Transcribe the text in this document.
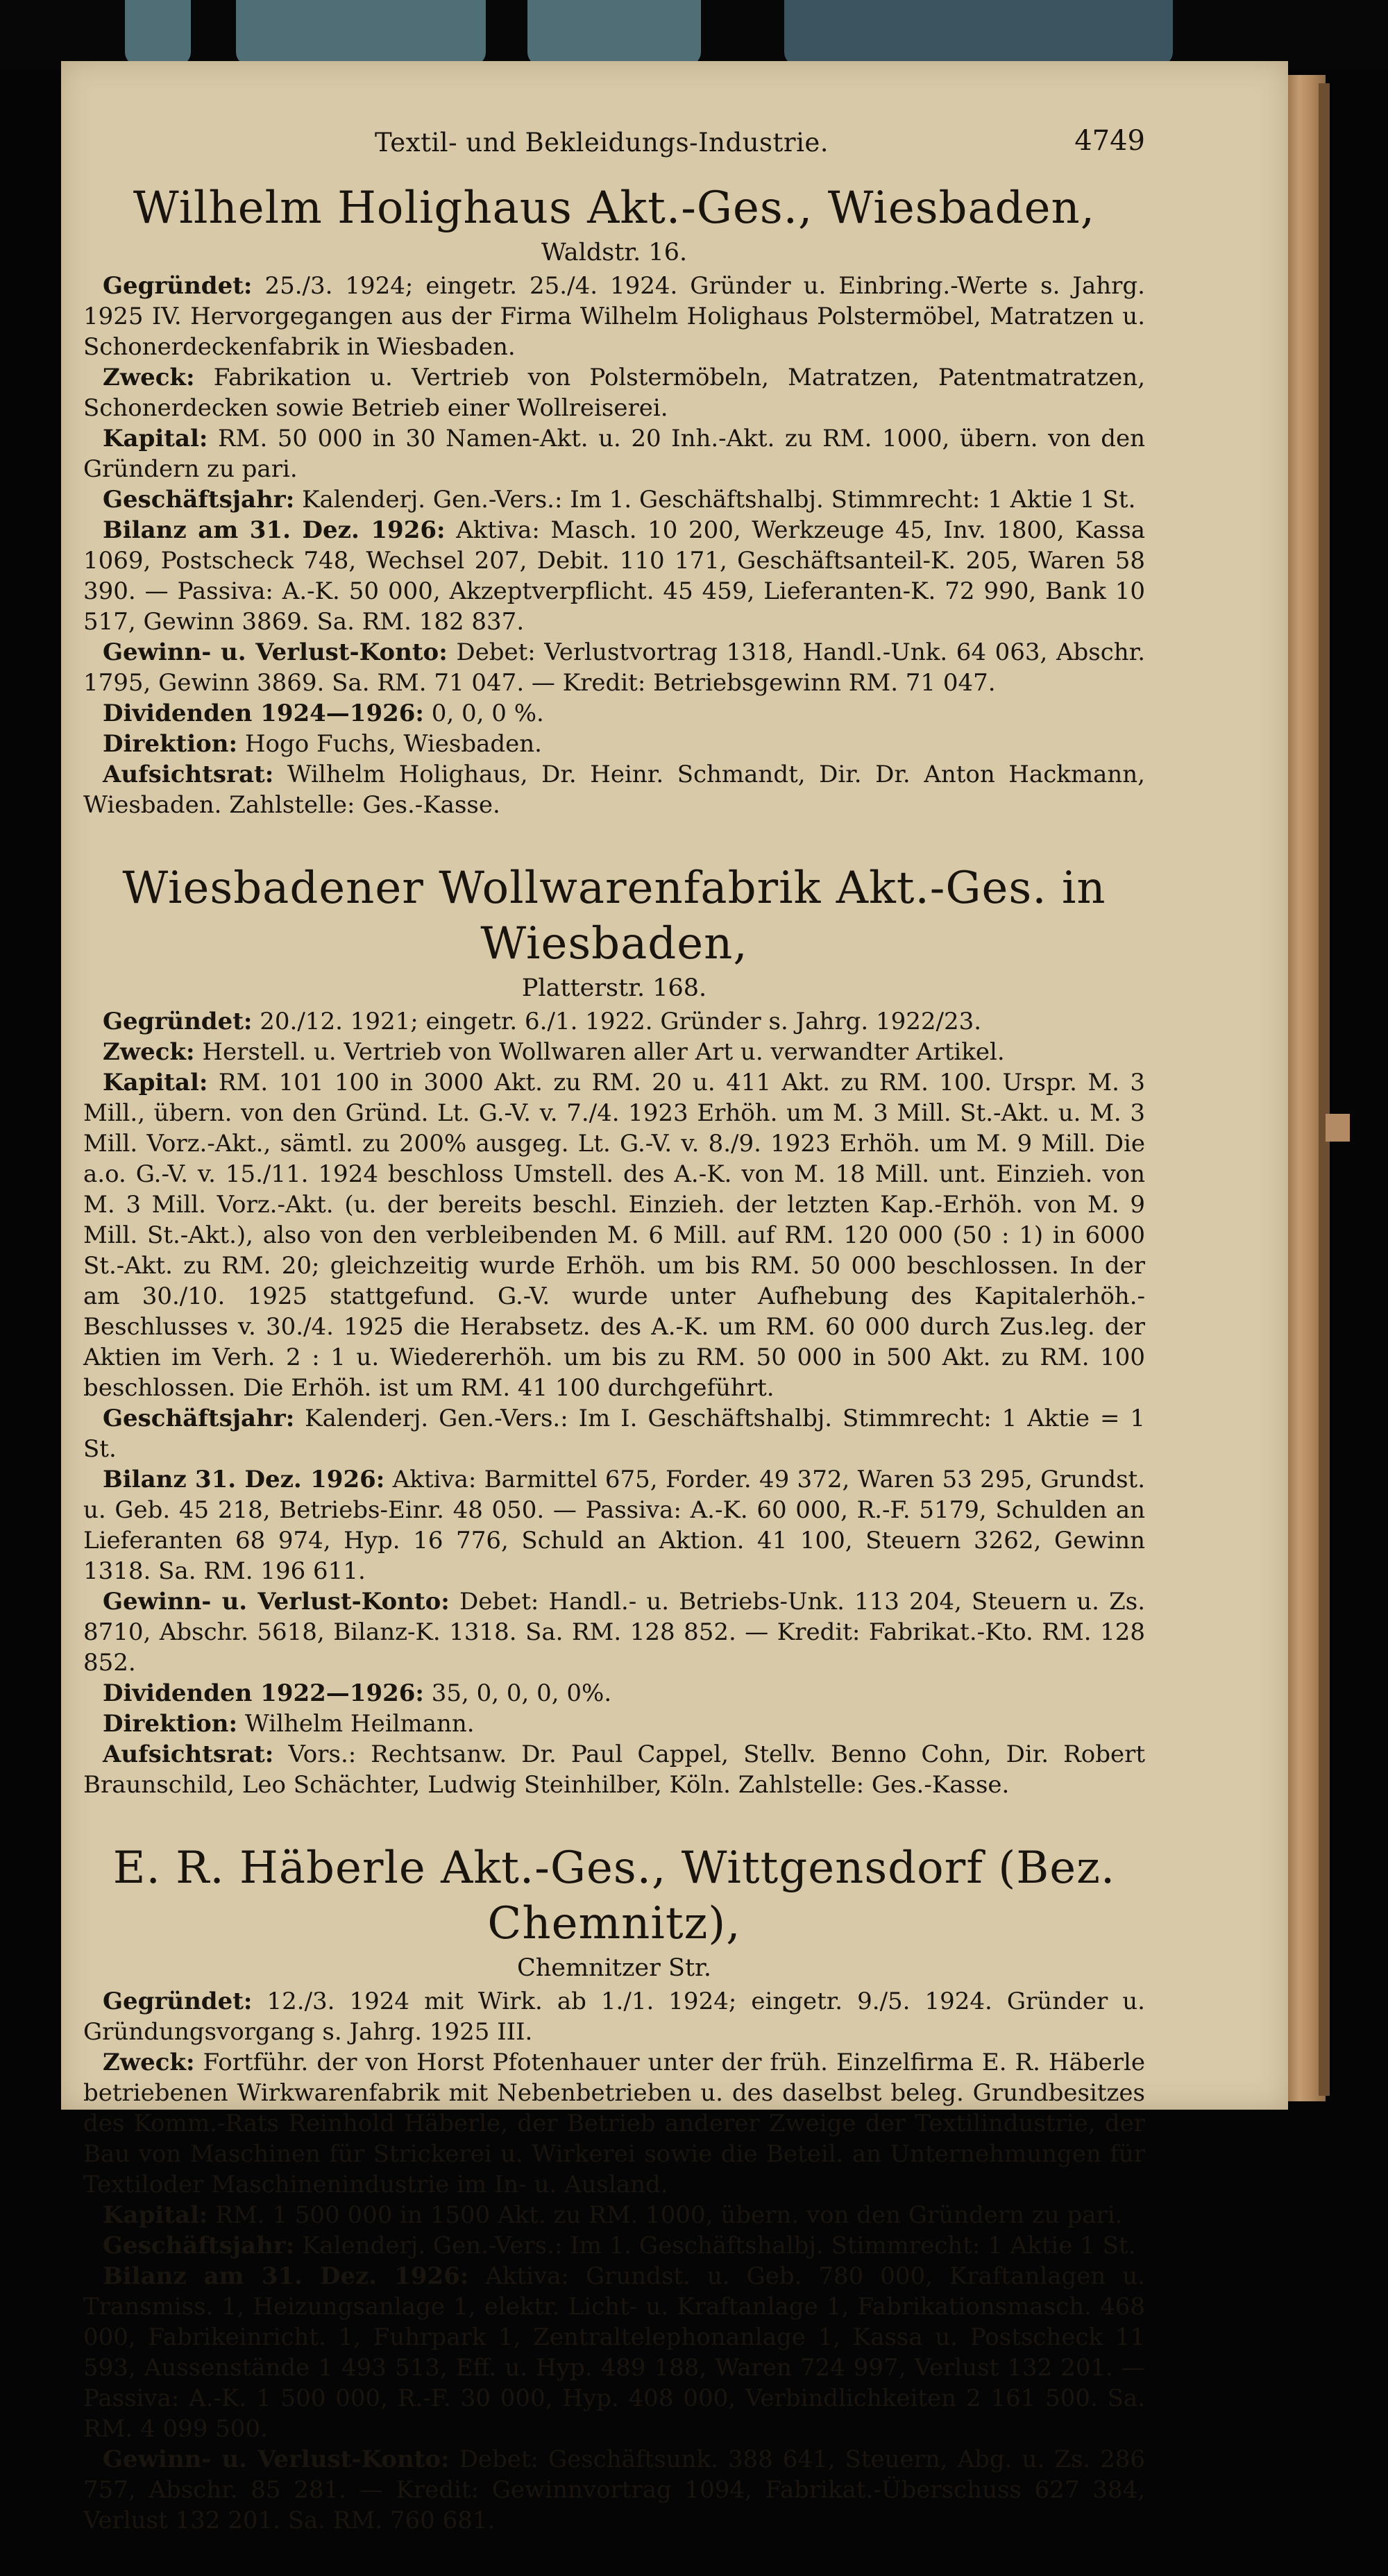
Textil- und Bekleidungs-Industrie.	4749
Wilhelm Holighaus Akt.-Ges., Wiesbaden,
Waldstr. 16.

Gegründet: 25./3. 1924; eingetr. 25./4. 1924. Gründer u. Einbring.-Werte s. Jahrg. 1925 IV. Hervorgegangen aus der Firma Wilhelm Holighaus Polstermöbel, Matratzen u. Schonerdeckenfabrik in Wiesbaden.

Zweck: Fabrikation u. Vertrieb von Polstermöbeln, Matratzen, Patentmatratzen, Schonerdecken sowie Betrieb einer Wollreiserei.

Kapital: RM. 50 000 in 30 Namen-Akt. u. 20 Inh.-Akt. zu RM. 1000, übern. von den Gründern zu pari.

Geschäftsjahr: Kalenderj. Gen.-Vers.: Im 1. Geschäftshalbj. Stimmrecht: 1 Aktie 1 St.

Bilanz am 31. Dez. 1926: Aktiva: Masch. 10 200, Werkzeuge 45, Inv. 1800, Kassa 1069, Postscheck 748, Wechsel 207, Debit. 110 171, Geschäftsanteil-K. 205, Waren 58 390. — Passiva: A.-K. 50 000, Akzeptverpflicht. 45 459, Lieferanten-K. 72 990, Bank 10 517, Gewinn 3869. Sa. RM. 182 837.

Gewinn- u. Verlust-Konto: Debet: Verlustvortrag 1318, Handl.-Unk. 64 063, Abschr. 1795, Gewinn 3869. Sa. RM. 71 047. — Kredit: Betriebsgewinn RM. 71 047.

Dividenden 1924—1926: 0, 0, 0 %.

Direktion: Hogo Fuchs, Wiesbaden.

Aufsichtsrat: Wilhelm Holighaus, Dr. Heinr. Schmandt, Dir. Dr. Anton Hackmann, Wiesbaden. Zahlstelle: Ges.-Kasse.

Wiesbadener Wollwarenfabrik Akt.-Ges. in Wiesbaden,
Platterstr. 168.

Gegründet: 20./12. 1921; eingetr. 6./1. 1922. Gründer s. Jahrg. 1922/23.

Zweck: Herstell. u. Vertrieb von Wollwaren aller Art u. verwandter Artikel.

Kapital: RM. 101 100 in 3000 Akt. zu RM. 20 u. 411 Akt. zu RM. 100. Urspr. M. 3 Mill., übern. von den Gründ. Lt. G.-V. v. 7./4. 1923 Erhöh. um M. 3 Mill. St.-Akt. u. M. 3 Mill. Vorz.-Akt., sämtl. zu 200% ausgeg. Lt. G.-V. v. 8./9. 1923 Erhöh. um M. 9 Mill. Die a.o. G.-V. v. 15./11. 1924 beschloss Umstell. des A.-K. von M. 18 Mill. unt. Einzieh. von M. 3 Mill. Vorz.-Akt. (u. der bereits beschl. Einzieh. der letzten Kap.-Erhöh. von M. 9 Mill. St.-Akt.), also von den verbleibenden M. 6 Mill. auf RM. 120 000 (50 : 1) in 6000 St.-Akt. zu RM. 20; gleichzeitig wurde Erhöh. um bis RM. 50 000 beschlossen. In der am 30./10. 1925 stattgefund. G.-V. wurde unter Aufhebung des Kapitalerhöh.-Beschlusses v. 30./4. 1925 die Herabsetz. des A.-K. um RM. 60 000 durch Zus.leg. der Aktien im Verh. 2 : 1 u. Wiedererhöh. um bis zu RM. 50 000 in 500 Akt. zu RM. 100 beschlossen. Die Erhöh. ist um RM. 41 100 durchgeführt.

Geschäftsjahr: Kalenderj. Gen.-Vers.: Im I. Geschäftshalbj. Stimmrecht: 1 Aktie = 1 St.

Bilanz 31. Dez. 1926: Aktiva: Barmittel 675, Forder. 49 372, Waren 53 295, Grundst. u. Geb. 45 218, Betriebs-Einr. 48 050. — Passiva: A.-K. 60 000, R.-F. 5179, Schulden an Lieferanten 68 974, Hyp. 16 776, Schuld an Aktion. 41 100, Steuern 3262, Gewinn 1318. Sa. RM. 196 611.

Gewinn- u. Verlust-Konto: Debet: Handl.- u. Betriebs-Unk. 113 204, Steuern u. Zs. 8710, Abschr. 5618, Bilanz-K. 1318. Sa. RM. 128 852. — Kredit: Fabrikat.-Kto. RM. 128 852.

Dividenden 1922—1926: 35, 0, 0, 0, 0%.

Direktion: Wilhelm Heilmann.

Aufsichtsrat: Vors.: Rechtsanw. Dr. Paul Cappel, Stellv. Benno Cohn, Dir. Robert Braunschild, Leo Schächter, Ludwig Steinhilber, Köln. Zahlstelle: Ges.-Kasse.

E. R. Häberle Akt.-Ges., Wittgensdorf (Bez. Chemnitz),
Chemnitzer Str.

Gegründet: 12./3. 1924 mit Wirk. ab 1./1. 1924; eingetr. 9./5. 1924. Gründer u. Gründungsvorgang s. Jahrg. 1925 III.

Zweck: Fortführ. der von Horst Pfotenhauer unter der früh. Einzelfirma E. R. Häberle betriebenen Wirkwarenfabrik mit Nebenbetrieben u. des daselbst beleg. Grundbesitzes des Komm.-Rats Reinhold Häberle, der Betrieb anderer Zweige der Textilindustrie, der Bau von Maschinen für Strickerei u. Wirkerei sowie die Beteil. an Unternehmungen für Textiloder Maschinenindustrie im In- u. Ausland.

Kapital: RM. 1 500 000 in 1500 Akt. zu RM. 1000, übern. von den Gründern zu pari.

Geschäftsjahr: Kalenderj. Gen.-Vers.: Im 1. Geschäftshalbj. Stimmrecht: 1 Aktie 1 St.

Bilanz am 31. Dez. 1926: Aktiva: Grundst. u. Geb. 780 000, Kraftanlagen u. Transmiss. 1, Heizungsanlage 1, elektr. Licht- u. Kraftanlage 1, Fabrikationsmasch. 468 000, Fabrikeinricht. 1, Fuhrpark 1, Zentraltelephonanlage 1, Kassa u. Postscheck 11 593, Aussenstände 1 493 513, Eff. u. Hyp. 489 188, Waren 724 997, Verlust 132 201. — Passiva: A.-K. 1 500 000, R.-F. 30 000, Hyp. 408 000, Verbindlichkeiten 2 161 500. Sa. RM. 4 099 500.

Gewinn- u. Verlust-Konto: Debet: Geschäftsunk. 388 641, Steuern, Abg. u. Zs. 286 757, Abschr. 85 281. — Kredit: Gewinnvortrag 1094, Fabrikat.-Überschuss 627 384, Verlust 132 201. Sa. RM. 760 681.
